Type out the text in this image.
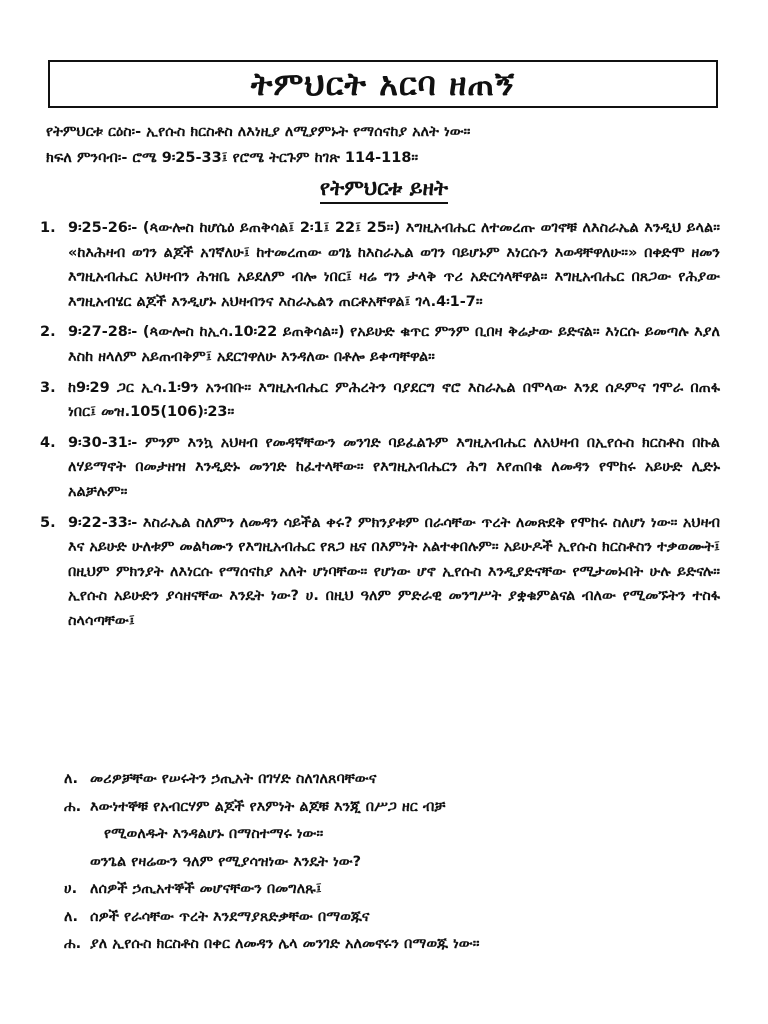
ትምህርት አርባ ዘጠኝ
የትምህርቱ ርዕስ፡- ኢየሱስ ክርስቶስ ለእነዚያ ለሚያምኑት የማሰናከያ አለት ነው።
ክፍለ ምንባብ፡- ሮሜ 9፡25-33፤ የሮሜ ትርጉም ከገጽ 114-118።
የትምህርቱ ይዘት
1. 9፡25-26፡- (ጳውሎስ ከሆሴዕ ይጠቅሳል፤ 2፡1፤ 22፤ 25።) እግዚአብሔር ለተመረጡ ወገኖቹ ለእስራኤል እንዲህ ይላል። «ከእሕዛብ ወገን ልጆች አገኛለሁ፤ ከተመረጠው ወገኔ ከእስራኤል ወገን ባይሆኑም እነርሱን እወዳቸዋለሁ።» በቀድሞ ዘመን እግዚአብሔር አህዛብን ሕዝቤ አይደለም ብሎ ነበር፤ ዛሬ ግን ታላቅ ጥሪ አድርጎላቸዋል። እግዚአብሔር በጸጋው የሕያው እግዚአብሄር ልጆች እንዲሆኑ አህዛብንና እስራኤልን ጠርቶአቸዋል፤ ገላ.4፡1-7።
2. 9፡27-28፡- (ጳውሎስ ከኢሳ.10፡22 ይጠቅሳል።) የአይሁድ ቁጥር ምንም ቢበዛ ቅሬታው ይድናል። እነርሱ ይመጣሉ እያለ እስከ ዘላለም አይጠብቅም፤ አደርገዋለሁ እንዳለው በቶሎ ይቀጣቸዋል።
3. ከ9፡29 ጋር ኢሳ.1፡9ን አንብቡ። እግዚአብሔር ምሕረትን ባያደርግ ኖሮ እስራኤል በሞላው እንደ ሰዶምና ገሞራ በጠፋ ነበር፤ መዝ.105(106)፡23።
4. 9፡30-31፡- ምንም እንኳ አህዛብ የመዳኛቸውን መንገድ ባይፈልጉም እግዚአብሔር ለአህዛብ በኢየሱስ ክርስቶስ በኩል ለሃይማኖት በመታዘዝ እንዲድኑ መንገድ ከፈተላቸው። የእግዚአብሔርን ሕግ እየጠበቁ ለመዳን የሞከሩ አይሁድ ሊድኑ አልቻሉም።
5. 9፡22-33፡- እስራኤል ስለምን ለመዳን ሳይችል ቀሩ? ምክንያቱም በራሳቸው ጥረት ለመጽደቅ የሞከሩ ስለሆነ ነው። አህዛብ እና አይሁድ ሁለቱም መልካሙን የእግዚአብሔር የጸጋ ዜና በእምነት አልተቀበሉም። አይሁዶች ኢየሱስ ክርስቶስን ተቃወሙት፤ በዚህም ምክንያት ለእነርሱ የማሰናከያ አለት ሆነባቸው። የሆነው ሆኖ ኢየሱስ እንዲያድናቸው የሚታመኑበት ሁሉ ይድናሉ። ኢየሱስ አይሁድን ያሳዘናቸው እንዴት ነው? ሀ. በዚህ ዓለም ምድራዊ መንግሥት ያቋቁምልናል ብለው የሚመኙትን ተስፋ ስላሳጣቸው፤
ለ. መሪዎቻቸው የሠሩትን ኃጢአት በገሃድ ስለገለጸባቸውና
ሐ. እውነተኞቹ የአብርሃም ልጆች የእምነት ልጆቹ እንጂ በሥጋ ዘር ብቻ
የሚወለዱት እንዳልሆኑ በማስተማሩ ነው።
ወንጌል የዛሬውን ዓለም የሚያሳዝነው እንዴት ነው?
ሀ. ለሰዎች ኃጢአተኞች መሆናቸውን በመግለጹ፤
ለ. ሰዎች የራሳቸው ጥረት እንደማያጸድቃቸው በማወጁና
ሐ. ያለ ኢየሱስ ክርስቶስ በቀር ለመዳን ሌላ መንገድ አለመኖሩን በማወጁ ነው።
